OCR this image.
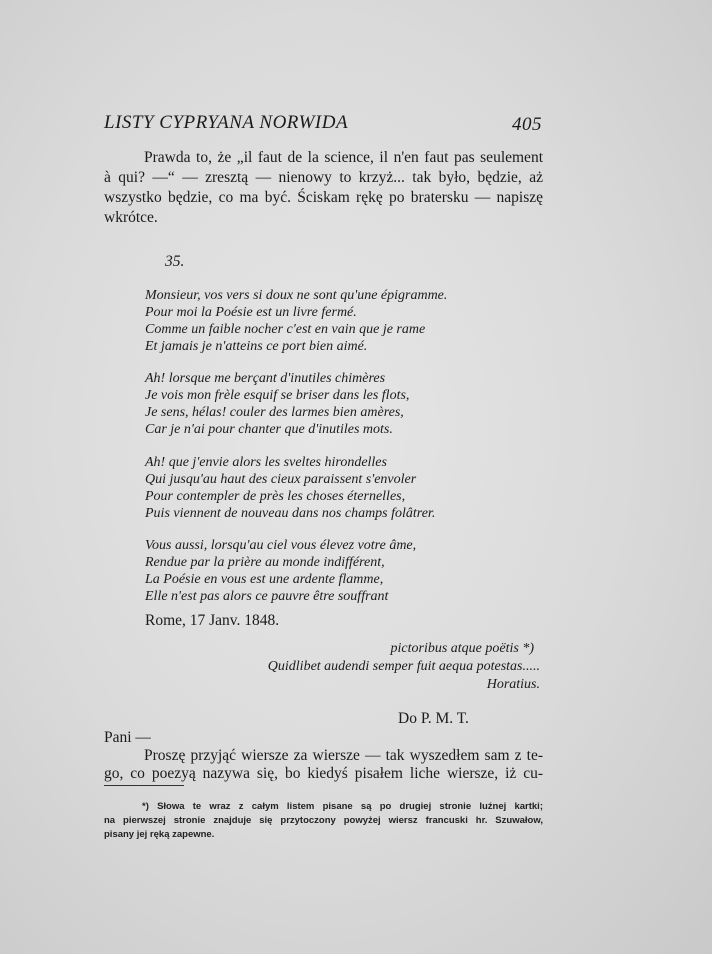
LISTY CYPRYANA NORWIDA	405
Prawda to, że „il faut de la science, il n'en faut pas seulement
à qui? —“ — zresztą — nienowy to krzyż... tak było, będzie, aż
wszystko będzie, co ma być. Ściskam rękę po bratersku — napiszę
wkrótce.
35.
Monsieur, vos vers si doux ne sont qu'une épigramme.
Pour moi la Poésie est un livre fermé.
Comme un faible nocher c'est en vain que je rame
Et jamais je n'atteins ce port bien aimé.
Ah! lorsque me berçant d'inutiles chimères
Je vois mon frèle esquif se briser dans les flots,
Je sens, hélas! couler des larmes bien amères,
Car je n'ai pour chanter que d'inutiles mots.
Ah! que j'envie alors les sveltes hirondelles
Qui jusqu'au haut des cieux paraissent s'envoler
Pour contempler de près les choses éternelles,
Puis viennent de nouveau dans nos champs folâtrer.
Vous aussi, lorsqu'au ciel vous élevez votre âme,
Rendue par la prière au monde indifférent,
La Poésie en vous est une ardente flamme,
Elle n'est pas alors ce pauvre être souffrant
Rome, 17 Janv. 1848.
pictoribus atque poëtis *)
Quidlibet audendi semper fuit aequa potestas.....
Horatius.
Do P. M. T.
Pani —
Proszę przyjąć wiersze za wiersze — tak wyszedłem sam z te-
go, co poezyą nazywa się, bo kiedyś pisałem liche wiersze, iż cu-
*) Słowa te wraz z całym listem pisane są po drugiej stronie luźnej kartki;
na pierwszej stronie znajduje się przytoczony powyżej wiersz francuski hr. Szuwałow,
pisany jej ręką zapewne.
